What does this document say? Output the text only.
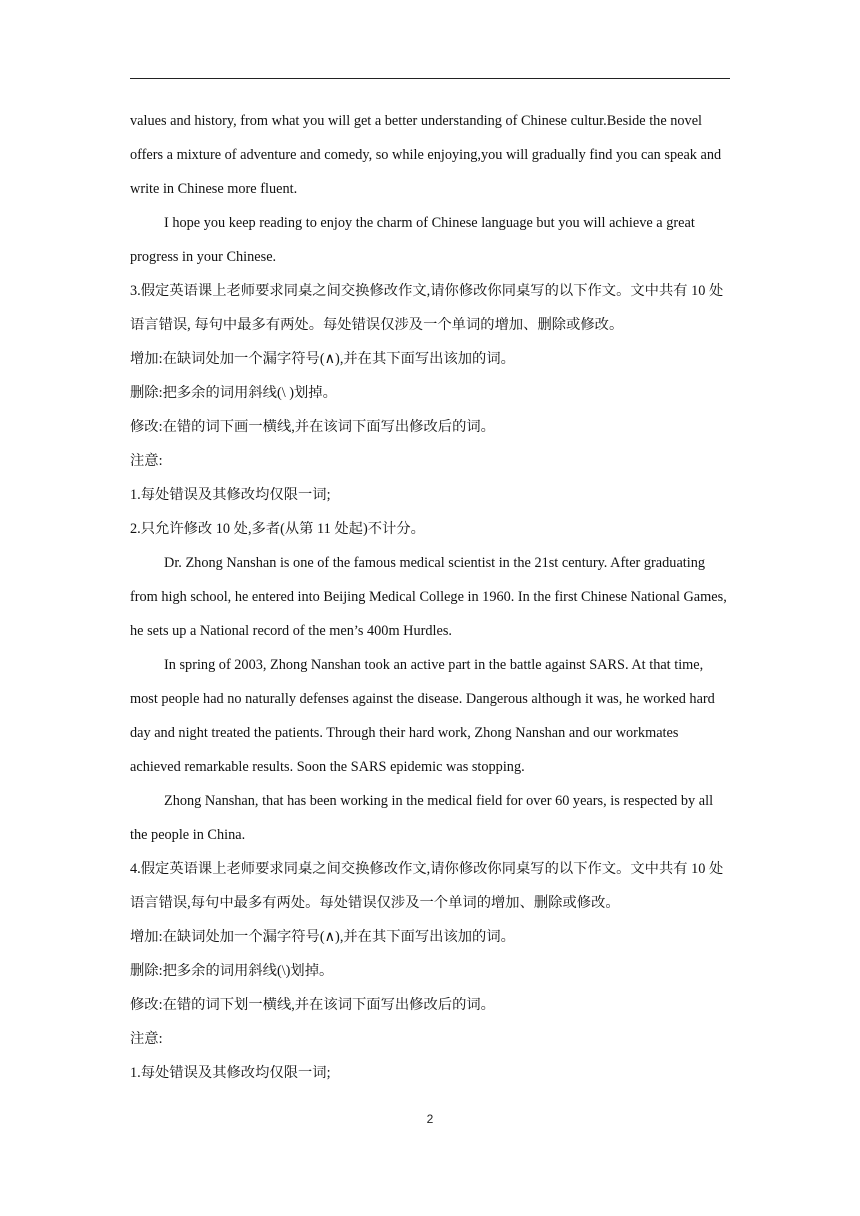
values and history, from what you will get a better understanding of Chinese cultur.Beside the novel offers a mixture of adventure and comedy, so while enjoying,you will gradually find you can speak and write in Chinese more fluent.

I hope you keep reading to enjoy the charm of Chinese language but you will achieve a great progress in your Chinese.

3.假定英语课上老师要求同桌之间交换修改作文,请你修改你同桌写的以下作文。文中共有 10 处语言错误, 每句中最多有两处。每处错误仅涉及一个单词的增加、删除或修改。

增加:在缺词处加一个漏字符号(∧),并在其下面写出该加的词。

删除:把多余的词用斜线(\ )划掉。

修改:在错的词下画一横线,并在该词下面写出修改后的词。

注意:

1.每处错误及其修改均仅限一词;

2.只允许修改 10 处,多者(从第 11 处起)不计分。

Dr. Zhong Nanshan is one of the famous medical scientist in the 21st century. After graduating from high school, he entered into Beijing Medical College in 1960. In the first Chinese National Games, he sets up a National record of the men’s 400m Hurdles.

In spring of 2003, Zhong Nanshan took an active part in the battle against SARS. At that time, most people had no naturally defenses against the disease. Dangerous although it was, he worked hard day and night treated the patients. Through their hard work, Zhong Nanshan and our workmates achieved remarkable results. Soon the SARS epidemic was stopping.

Zhong Nanshan, that has been working in the medical field for over 60 years, is respected by all the people in China.

4.假定英语课上老师要求同桌之间交换修改作文,请你修改你同桌写的以下作文。文中共有 10 处

语言错误,每句中最多有两处。每处错误仅涉及一个单词的增加、删除或修改。

增加:在缺词处加一个漏字符号(∧),并在其下面写出该加的词。

删除:把多余的词用斜线(\)划掉。

修改:在错的词下划一横线,并在该词下面写出修改后的词。

注意:

1.每处错误及其修改均仅限一词;

2
